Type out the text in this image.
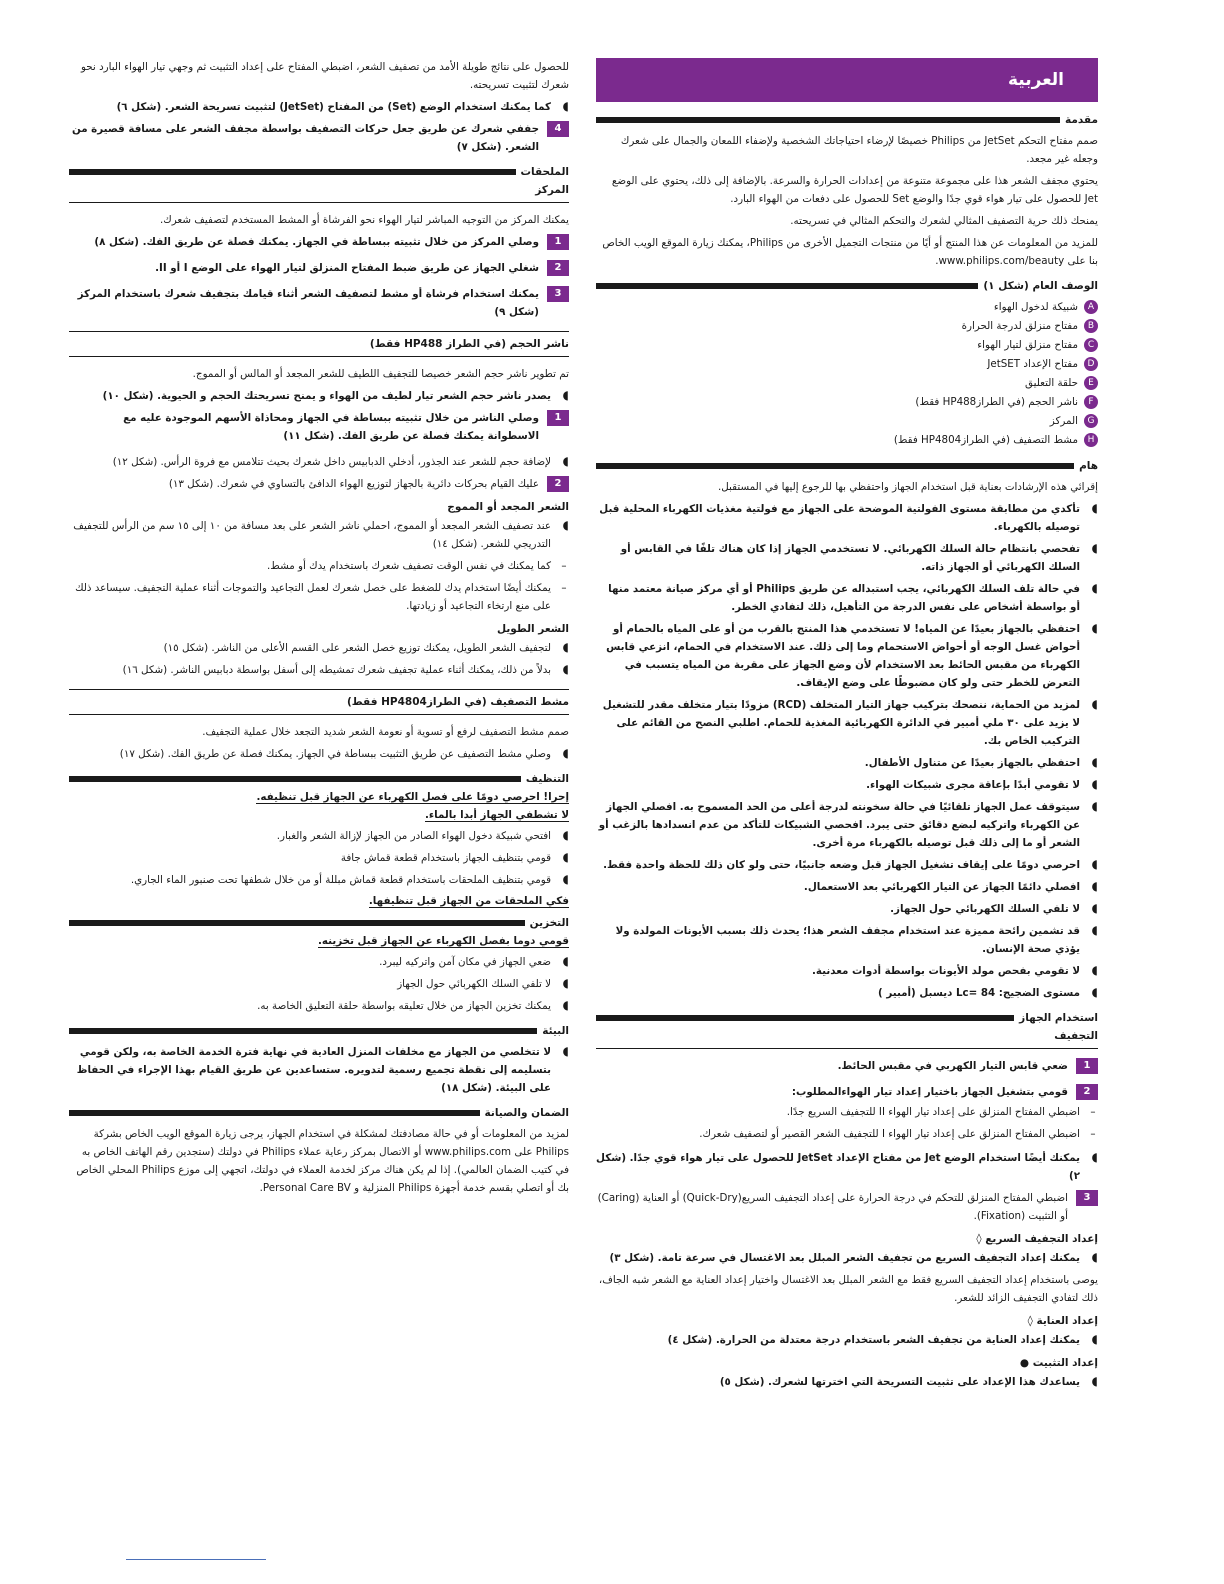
العربية
مقدمة

صمم مفتاح التحكم JetSet من Philips خصيصًا لإرضاء احتياجاتك الشخصية ولإضفاء اللمعان والجمال على شعرك وجعله غير مجعد.

يحتوي مجفف الشعر هذا على مجموعة متنوعة من إعدادات الحرارة والسرعة. بالإضافة إلى ذلك، يحتوي على الوضع Jet للحصول على تيار هواء قوي جدًا والوضع Set للحصول على دفعات من الهواء البارد.

يمنحك ذلك حرية التصفيف المثالي لشعرك والتحكم المثالي في تسريحته.

للمزيد من المعلومات عن هذا المنتج أو أيًا من منتجات التجميل الأخرى من Philips، يمكنك زيارة الموقع الويب الخاص بنا على www.philips.com/beauty.

الوصف العام (شكل ١)
A
شبيكة لدخول الهواء
B
مفتاح منزلق لدرجة الحرارة
C
مفتاح منزلق لتيار الهواء
D
مفتاح الإعداد JetSET
E
حلقة التعليق
F
ناشر الحجم (في الطرازHP488 فقط)
G
المركز
H
مشط التصفيف (في الطرازHP4804 فقط)
هام

إقرائي هذه الإرشادات بعناية قبل استخدام الجهاز واحتفظي بها للرجوع إليها في المستقبل.

◖
تأكدي من مطابقة مستوى الفولتية الموضحة على الجهاز مع فولتية مغذيات الكهرباء المحلية قبل توصيله بالكهرباء.
◖
تفحصي بانتظام حالة السلك الكهربائي. لا تستخدمي الجهاز إذا كان هناك تلفًا في القابس أو السلك الكهربائي أو الجهاز ذاته.
◖
في حالة تلف السلك الكهربائي، يجب استبداله عن طريق Philips أو أي مركز صيانة معتمد منها أو بواسطة أشخاص على نفس الدرجة من التأهيل، ذلك لتفادي الخطر.
◖
احتفظي بالجهاز بعيدًا عن المياه! لا تستخدمي هذا المنتج بالقرب من أو على المياه بالحمام أو أحواض غسل الوجه أو أحواض الاستحمام وما إلى ذلك. عند الاستخدام في الحمام، انزعي قابس الكهرباء من مقبس الحائط بعد الاستخدام لأن وضع الجهاز على مقربة من المياه يتسبب في التعرض للخطر حتى ولو كان مضبوطًا على وضع الإيقاف.
◖
لمزيد من الحماية، ننصحك بتركيب جهاز التيار المتخلف (RCD) مزودًا بتيار متخلف مقدر للتشغيل لا يزيد على ٣٠ ملي أمبير في الدائرة الكهربائية المغذية للحمام. اطلبي النصح من القائم على التركيب الخاص بك.
◖
احتفظي بالجهاز بعيدًا عن متناول الأطفال.
◖
لا تقومي أبدًا بإعاقة مجرى شبيكات الهواء.
◖
سيتوقف عمل الجهاز تلقائيًا في حالة سخونته لدرجة أعلى من الحد المسموح به. افصلي الجهاز عن الكهرباء واتركيه لبضع دقائق حتى يبرد. افحصي الشبيكات للتأكد من عدم انسدادها بالزغب أو الشعر أو ما إلى ذلك قبل توصيله بالكهرباء مرة أخرى.
◖
احرصي دومًا على إيقاف تشغيل الجهاز قبل وضعه جانبيًا، حتى ولو كان ذلك للحظة واحدة فقط.
◖
افصلي دائمًا الجهاز عن التيار الكهربائي بعد الاستعمال.
◖
لا تلفي السلك الكهربائي حول الجهاز.
◖
قد تشمين رائحة مميزة عند استخدام مجفف الشعر هذا؛ يحدث ذلك بسبب الأيونات المولدة ولا يؤذي صحة الإنسان.
◖
لا تقومي بفحص مولد الأيونات بواسطة أدوات معدنية.
◖
مستوى الضجيج: Lc= 84 ديسبل (أمبير )
استخدام الجهاز
التجفيف
1
ضعي قابس التيار الكهربي في مقبس الحائط.
2
قومي بتشغيل الجهاز باختيار إعداد تيار الهواءالمطلوب:
–
اضبطي المفتاح المنزلق على إعداد تيار الهواء II للتجفيف السريع جدًا.
–
اضبطي المفتاح المنزلق على إعداد تيار الهواء I للتجفيف الشعر القصير أو لتصفيف شعرك.
◖
يمكنك أيضًا استخدام الوضع Jet من مفتاح الإعداد JetSet للحصول على تيار هواء قوي جدًا. (شكل ٢)
3
اضبطي المفتاح المنزلق للتحكم في درجة الحرارة على إعداد التجفيف السريع(Quick-Dry) أو العناية (Caring) أو التثبيت (Fixation).
إعداد التجفيف السريع ◊
◖
يمكنك إعداد التجفيف السريع من تجفيف الشعر المبلل بعد الاغتسال في سرعة تامة. (شكل ٣)

يوصى باستخدام إعداد التجفيف السريع فقط مع الشعر المبلل بعد الاغتسال واختيار إعداد العناية مع الشعر شبه الجاف، ذلك لتفادي التجفيف الزائد للشعر.

إعداد العناية ◊
◖
يمكنك إعداد العناية من تجفيف الشعر باستخدام درجة معتدلة من الحرارة. (شكل ٤)
إعداد التثبيت ●
◖
يساعدك هذا الإعداد على تثبيت التسريحة التي اخترتها لشعرك. (شكل ٥)

للحصول على نتائج طويلة الأمد من تصفيف الشعر، اضبطي المفتاح على إعداد التثبيت ثم وجهي تيار الهواء البارد نحو شعرك لتثبيت تسريحته.

◖
كما يمكنك استخدام الوضع (Set) من المفتاح (JetSet) لتثبيت تسريحة الشعر. (شكل ٦)
4
جففي شعرك عن طريق جعل حركات التصفيف بواسطة مجفف الشعر على مسافة قصيرة من الشعر. (شكل ٧)
الملحقات
المركز

يمكنك المركز من التوجيه المباشر لتيار الهواء نحو الفرشاة أو المشط المستخدم لتصفيف شعرك.

1
وصلي المركز من خلال تثبيته ببساطة في الجهاز. يمكنك فصلة عن طريق الفك. (شكل ٨)
2
شغلي الجهاز عن طريق ضبط المفتاح المنزلق لتيار الهواء على الوضع I أو II.
3
يمكنك استخدام فرشاة أو مشط لتصفيف الشعر أثناء قيامك بتجفيف شعرك باستخدام المركز (شكل ٩)
ناشر الحجم (في الطراز HP488 فقط)

تم تطوير ناشر حجم الشعر خصيصا للتجفيف اللطيف للشعر المجعد أو المالس أو المموج.

◖
يصدر ناشر حجم الشعر تيار لطيف من الهواء و يمنح تسريحتك الحجم و الحيوية. (شكل ١٠)
1
وصلي الناشر من خلال تثبيته ببساطة في الجهاز ومحاذاة الأسهم الموجودة عليه مع الاسطوانة يمكنك فصلة عن طريق الفك. (شكل ١١)
◖
لإضافة حجم للشعر عند الجذور، أدخلي الدبابيس داخل شعرك بحيث تتلامس مع فروة الرأس. (شكل ١٢)
2
عليك القيام بحركات دائرية بالجهاز لتوزيع الهواء الدافئ بالتساوي في شعرك. (شكل ١٣)
الشعر المجعد أو المموج
◖
عند تصفيف الشعر المجعد أو المموج، احملي ناشر الشعر على بعد مسافة من ١٠ إلى ١٥ سم من الرأس للتجفيف التدريجي للشعر. (شكل ١٤)
–
كما يمكنك في نفس الوقت تصفيف شعرك باستخدام يدك أو مشط.
–
يمكنك أيضًا استخدام يدك للضغط على خصل شعرك لعمل التجاعيد والتموجات أثناء عملية التجفيف. سيساعد ذلك على منع ارتخاء التجاعيد أو زيادتها.
الشعر الطويل
◖
لتجفيف الشعر الطويل، يمكنك توزيع خصل الشعر على القسم الأعلى من الناشر. (شكل ١٥)
◖
بدلاً من ذلك، يمكنك أثناء عملية تجفيف شعرك تمشيطه إلى أسفل بواسطة دبابيس الناشر. (شكل ١٦)
مشط التصفيف (في الطرازHP4804 فقط)

صمم مشط التصفيف لرفع أو تسوية أو نعومة الشعر شديد التجعد خلال عملية التجفيف.

◖
وصلي مشط التصفيف عن طريق التثبيت ببساطة في الجهاز. يمكنك فصلة عن طريق الفك. (شكل ١٧)
التنظيف
إحرا! احرصي دومًا على فصل الكهرباء عن الجهاز قبل تنظيفه.
لا تشطفي الجهاز أبدا بالماء.
◖
افتحي شبيكة دخول الهواء الصادر من الجهاز لإزالة الشعر والغبار.
◖
قومي بتنظيف الجهاز باستخدام قطعة قماش جافة
◖
قومي بتنظيف الملحقات باستخدام قطعة قماش مبللة أو من خلال شطفها تحت صنبور الماء الجاري.
فكي الملحقات من الجهاز قبل تنظيفها.
التخزين
قومي دوما بفصل الكهرباء عن الجهاز قبل تخزينه.
◖
ضعي الجهاز في مكان آمن واتركيه ليبرد.
◖
لا تلفي السلك الكهربائي حول الجهاز
◖
يمكنك تخزين الجهاز من خلال تعليقه بواسطة حلقة التعليق الخاصة به.
البيئة
◖
لا تتخلصي من الجهاز مع مخلفات المنزل العادية في نهاية فترة الخدمة الخاصة به، ولكن قومي بتسليمه إلى نقطة تجميع رسمية لتدويره. ستساعدين عن طريق القيام بهذا الإجراء في الحفاظ على البيئة. (شكل ١٨)
الضمان والصيانة

لمزيد من المعلومات أو في حالة مصادفتك لمشكلة في استخدام الجهاز، يرجى زيارة الموقع الويب الخاص بشركة Philips على www.philips.com أو الاتصال بمركز رعاية عملاء Philips في دولتك (ستجدين رقم الهاتف الخاص به في كتيب الضمان العالمي). إذا لم يكن هناك مركز لخدمة العملاء في دولتك، اتجهي إلى موزع Philips المحلي الخاص بك أو اتصلي بقسم خدمة أجهزة Philips المنزلية و Personal Care BV.
